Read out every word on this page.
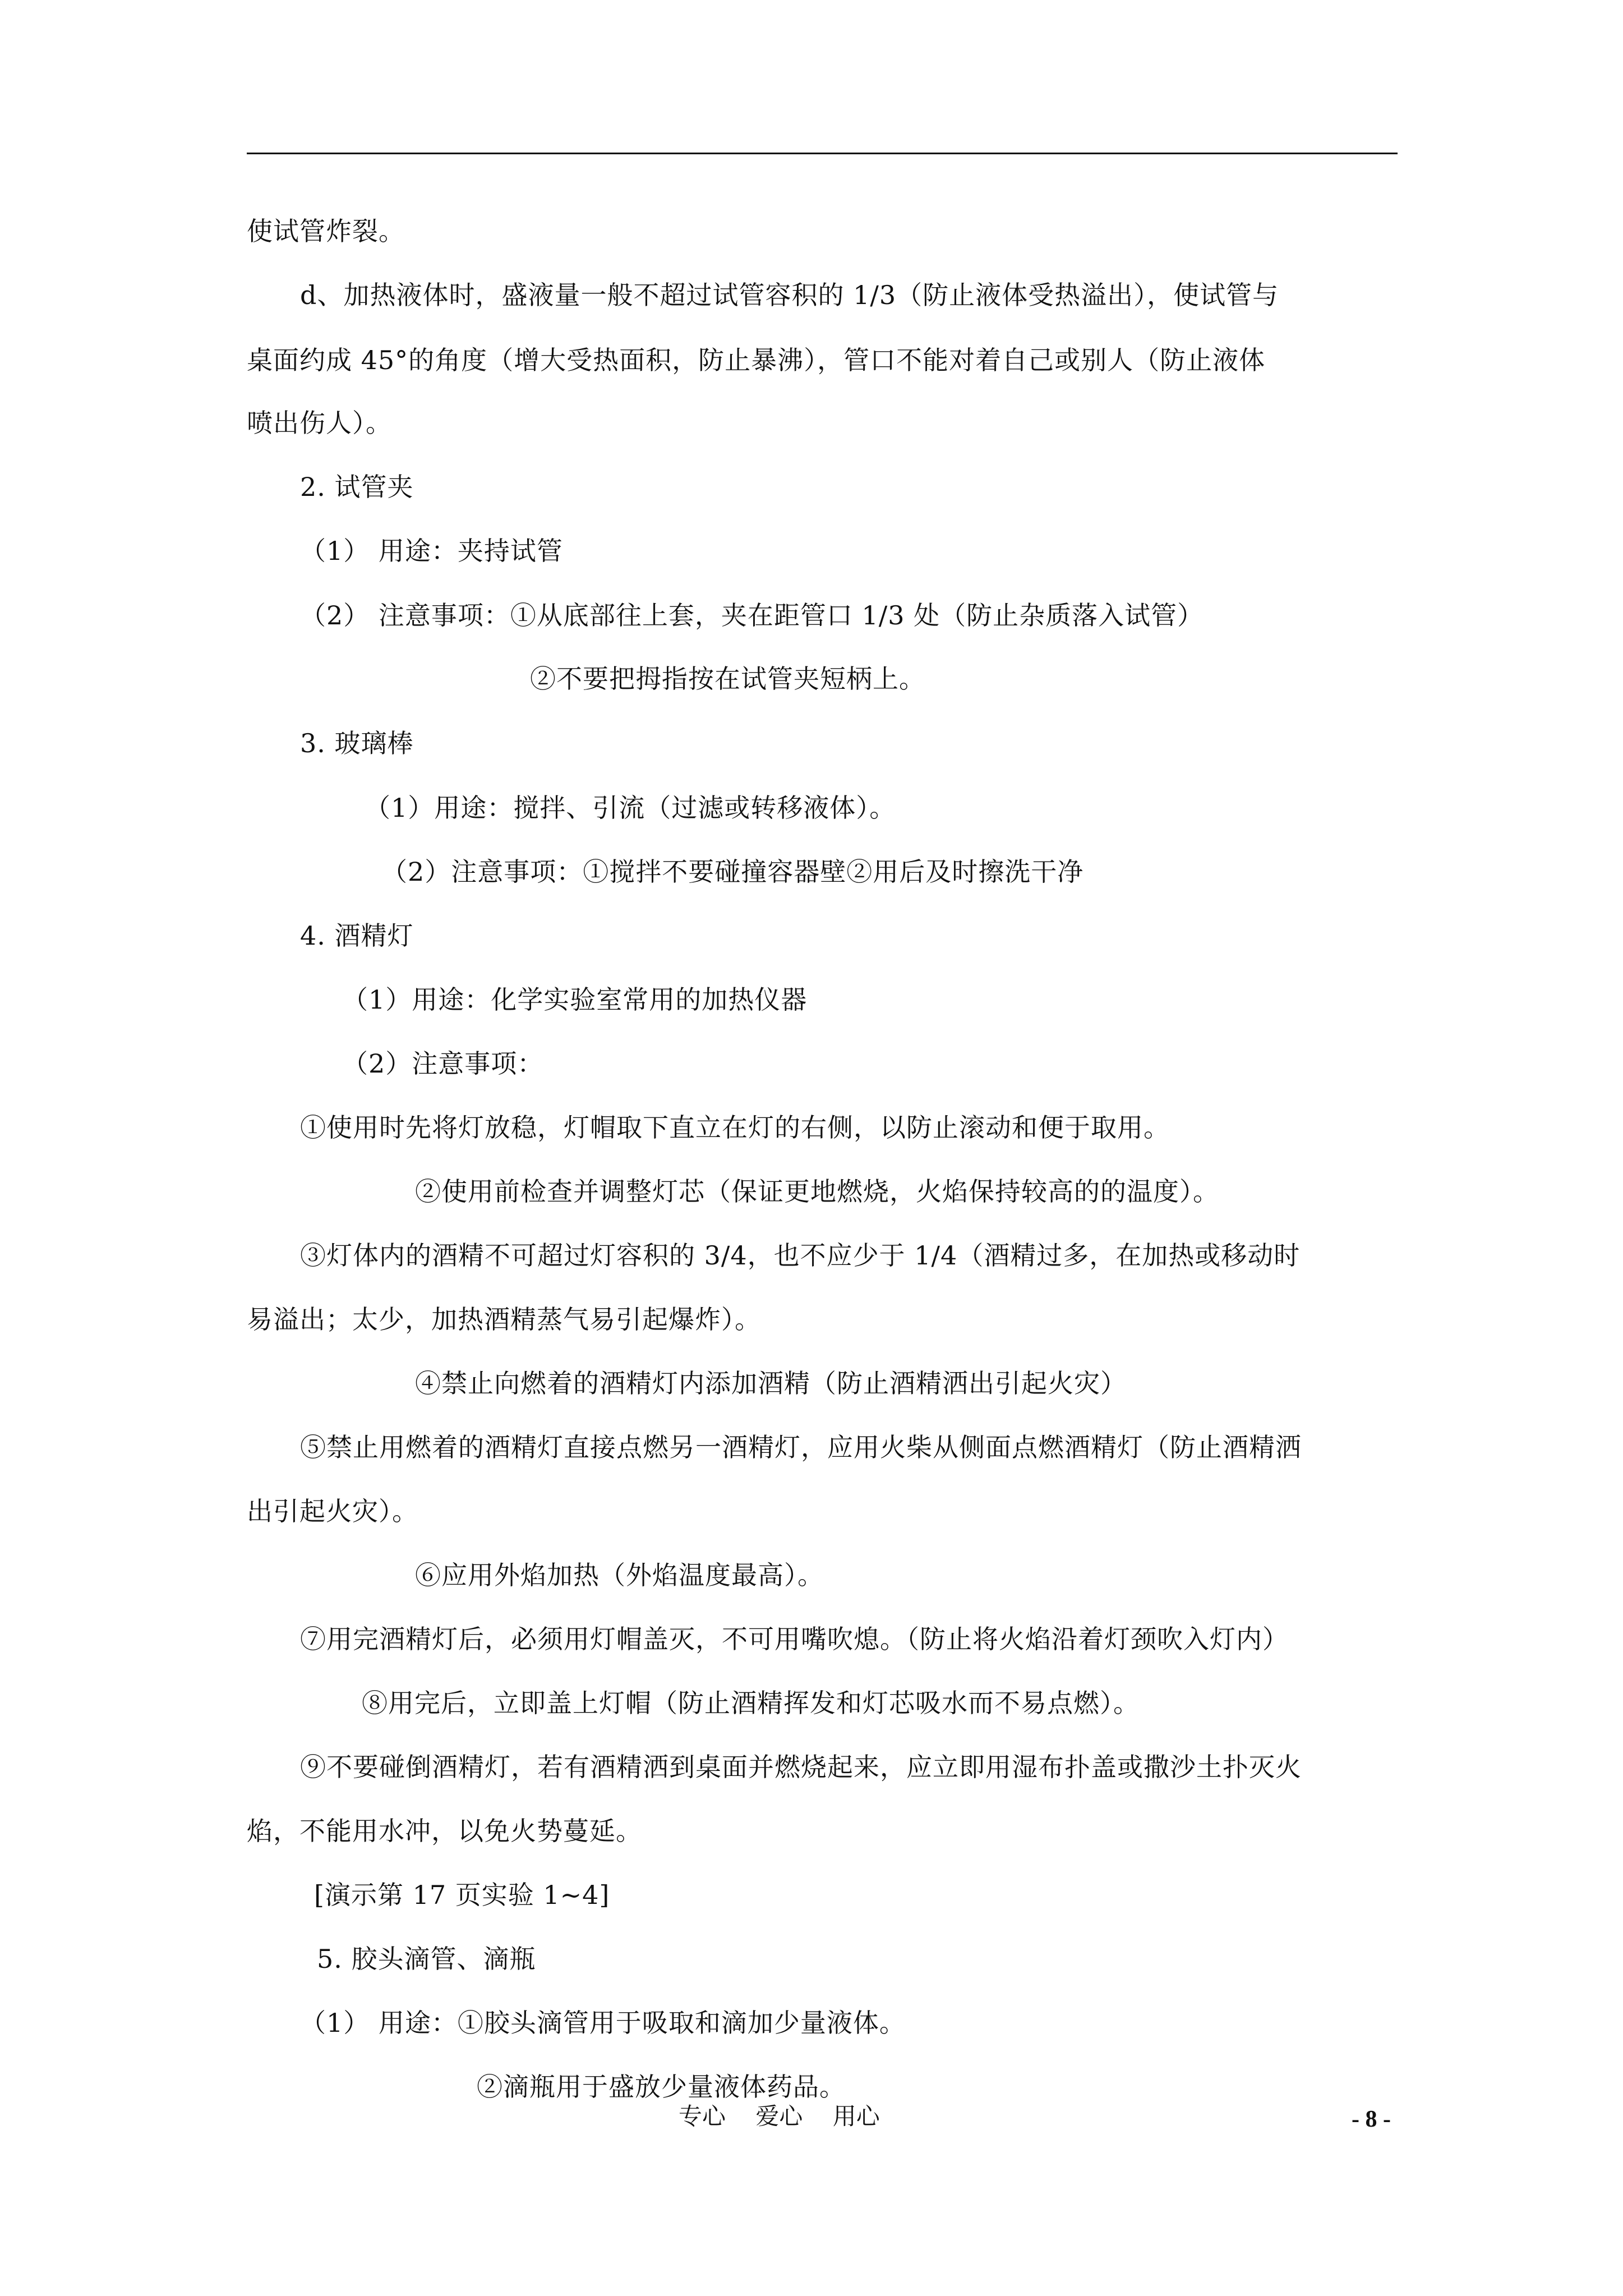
使试管炸裂。
d、加热液体时，盛液量一般不超过试管容积的 1/3（防止液体受热溢出），使试管与
桌面约成 45°的角度（增大受热面积，防止暴沸），管口不能对着自己或别人（防止液体
喷出伤人）。
2. 试管夹
（1） 用途：夹持试管
（2） 注意事项：①从底部往上套，夹在距管口 1/3 处（防止杂质落入试管）
②不要把拇指按在试管夹短柄上。
3. 玻璃棒
（1）用途：搅拌、引流（过滤或转移液体）。
（2）注意事项：①搅拌不要碰撞容器壁②用后及时擦洗干净
4. 酒精灯
（1）用途：化学实验室常用的加热仪器
（2）注意事项：
①使用时先将灯放稳，灯帽取下直立在灯的右侧，以防止滚动和便于取用。
②使用前检查并调整灯芯（保证更地燃烧，火焰保持较高的的温度）。
③灯体内的酒精不可超过灯容积的 3/4，也不应少于 1/4（酒精过多，在加热或移动时
易溢出；太少，加热酒精蒸气易引起爆炸）。
④禁止向燃着的酒精灯内添加酒精（防止酒精洒出引起火灾）
⑤禁止用燃着的酒精灯直接点燃另一酒精灯，应用火柴从侧面点燃酒精灯（防止酒精洒
出引起火灾）。
⑥应用外焰加热（外焰温度最高）。
⑦用完酒精灯后，必须用灯帽盖灭，不可用嘴吹熄。（防止将火焰沿着灯颈吹入灯内）
⑧用完后，立即盖上灯帽（防止酒精挥发和灯芯吸水而不易点燃）。
⑨不要碰倒酒精灯，若有酒精洒到桌面并燃烧起来，应立即用湿布扑盖或撒沙土扑灭火
焰，不能用水冲，以免火势蔓延。
[演示第 17 页实验 1~4]
5. 胶头滴管、滴瓶
（1） 用途：①胶头滴管用于吸取和滴加少量液体。
②滴瓶用于盛放少量液体药品。
专心    爱心    用心	- 8 -
